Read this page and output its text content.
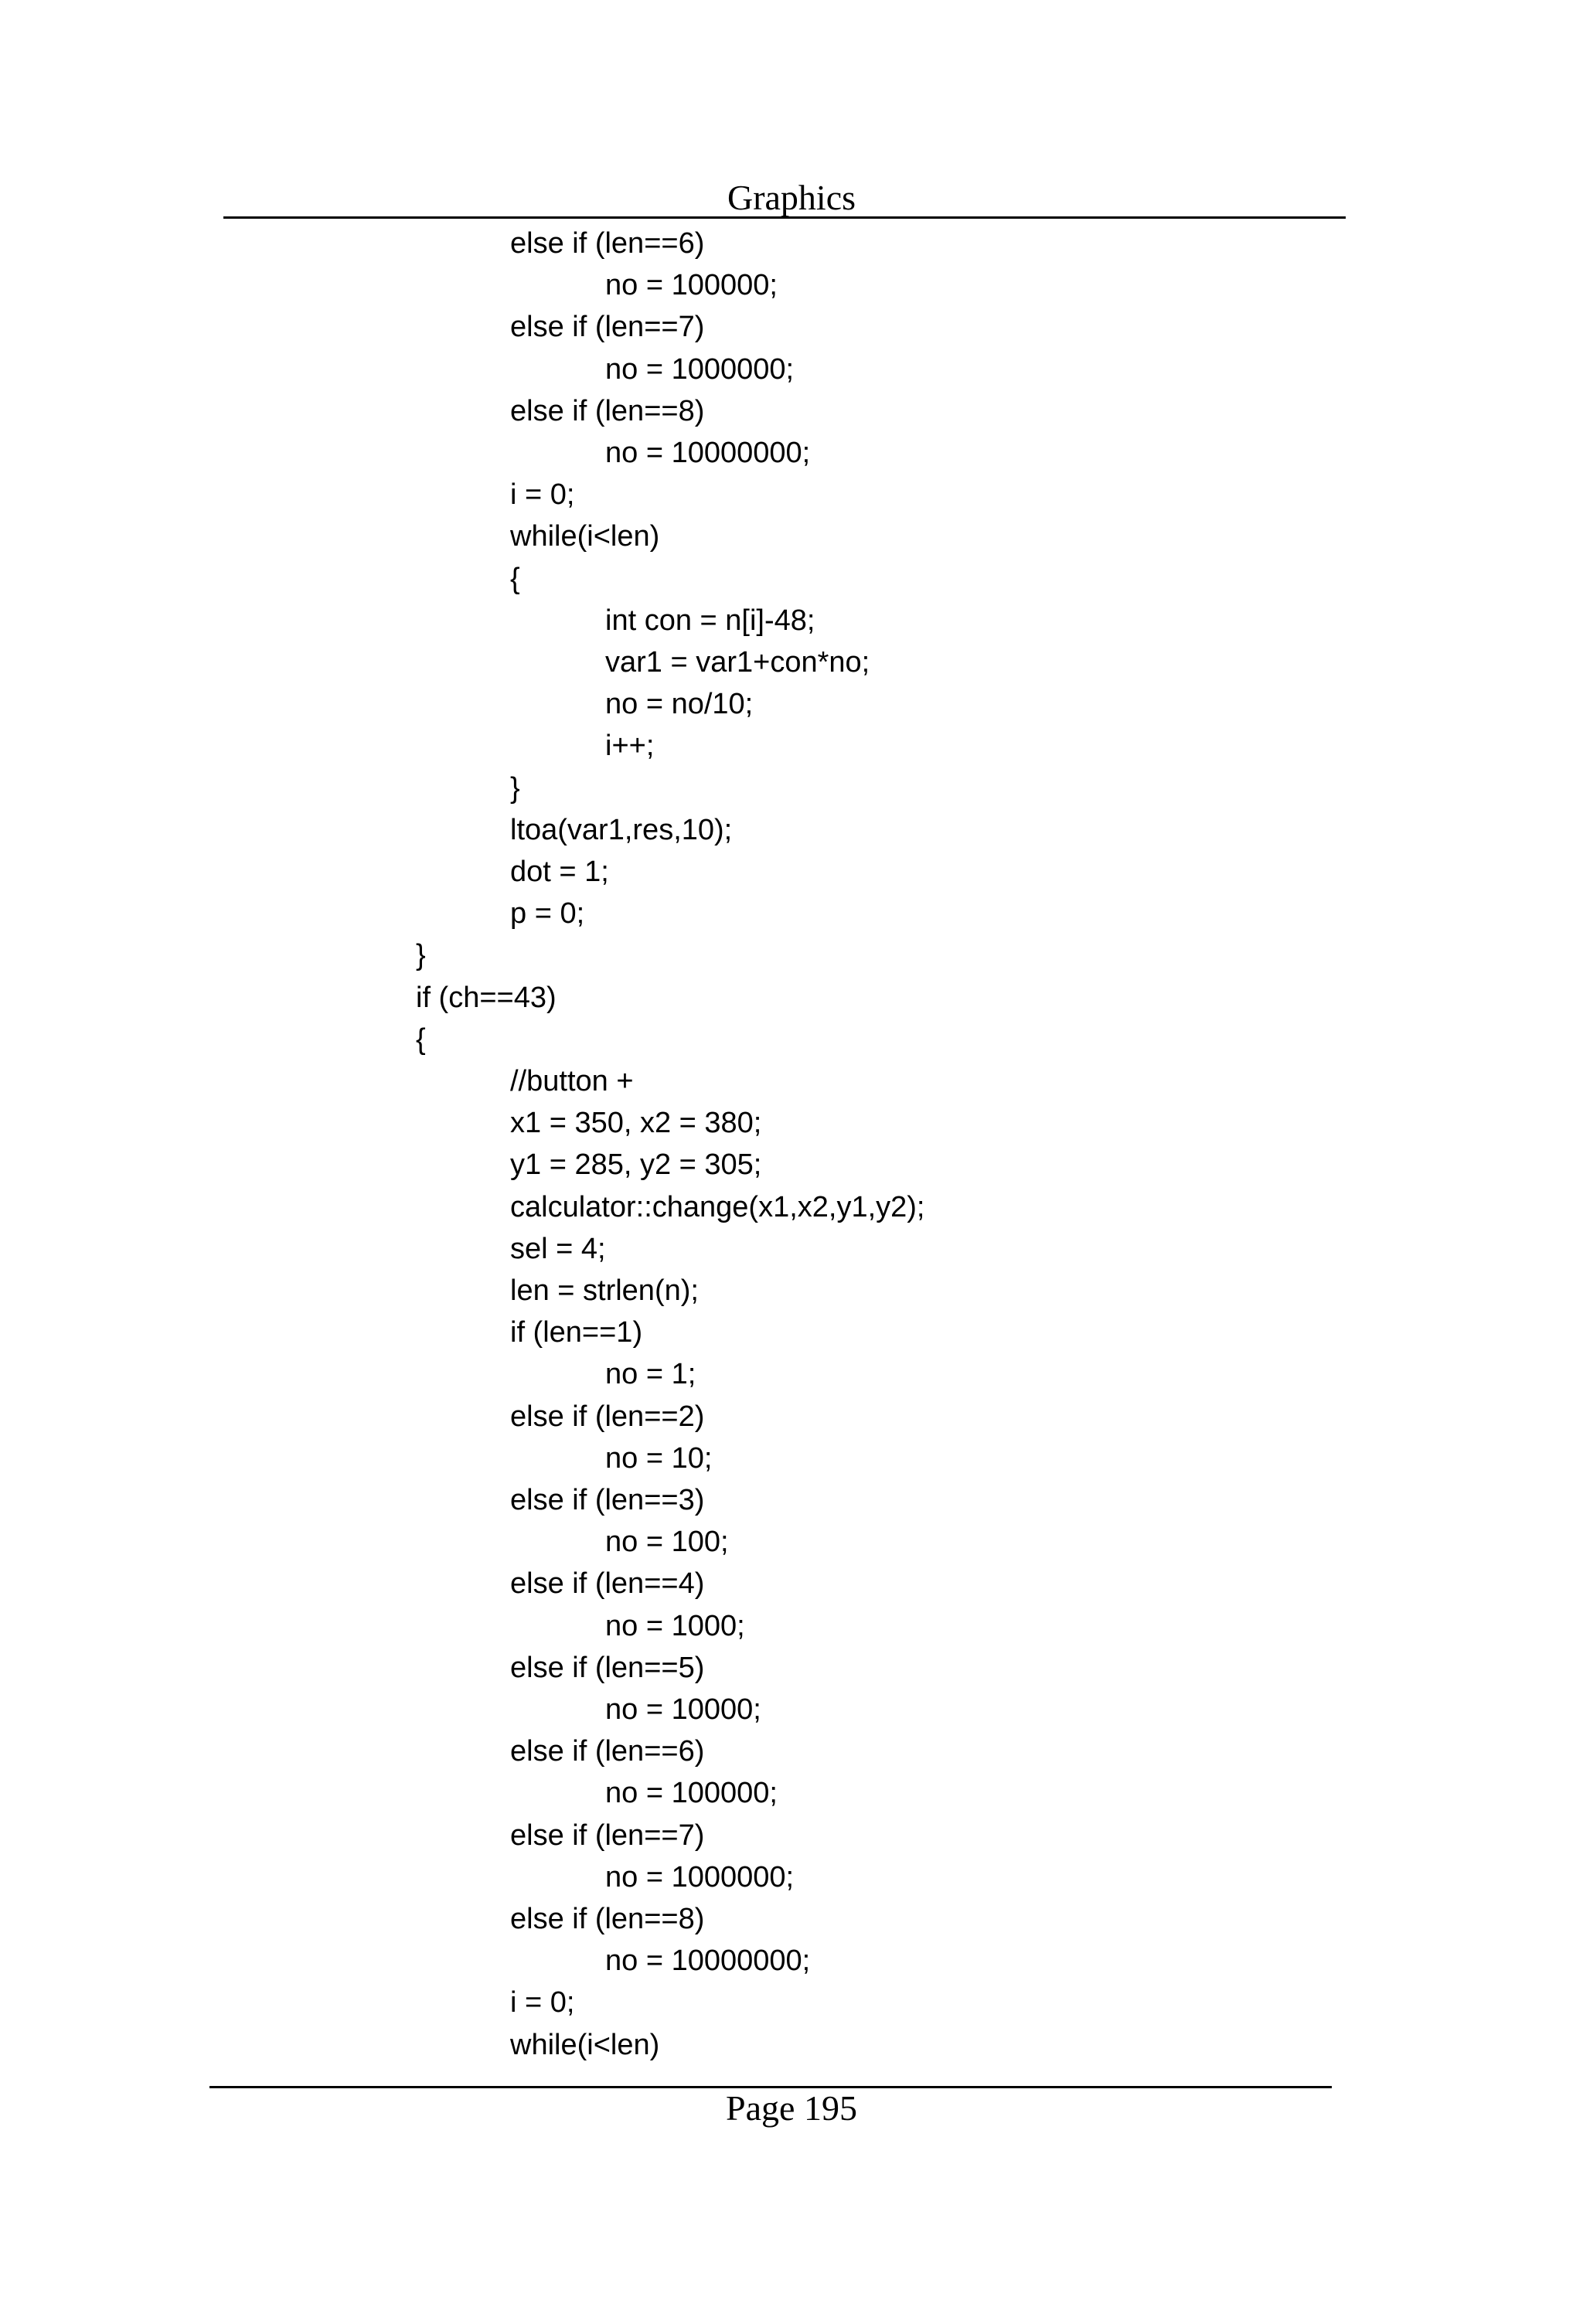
Graphics
else if (len==6)
no = 100000;
else if (len==7)
no = 1000000;
else if (len==8)
no = 10000000;
i = 0;
while(i<len)
{
int con = n[i]-48;
var1 = var1+con*no;
no = no/10;
i++;
}
ltoa(var1,res,10);
dot = 1;
p = 0;
}
if (ch==43)
{
//button +
x1 = 350, x2 = 380;
y1 = 285, y2 = 305;
calculator::change(x1,x2,y1,y2);
sel = 4;
len = strlen(n);
if (len==1)
no = 1;
else if (len==2)
no = 10;
else if (len==3)
no = 100;
else if (len==4)
no = 1000;
else if (len==5)
no = 10000;
else if (len==6)
no = 100000;
else if (len==7)
no = 1000000;
else if (len==8)
no = 10000000;
i = 0;
while(i<len)
Page 195
